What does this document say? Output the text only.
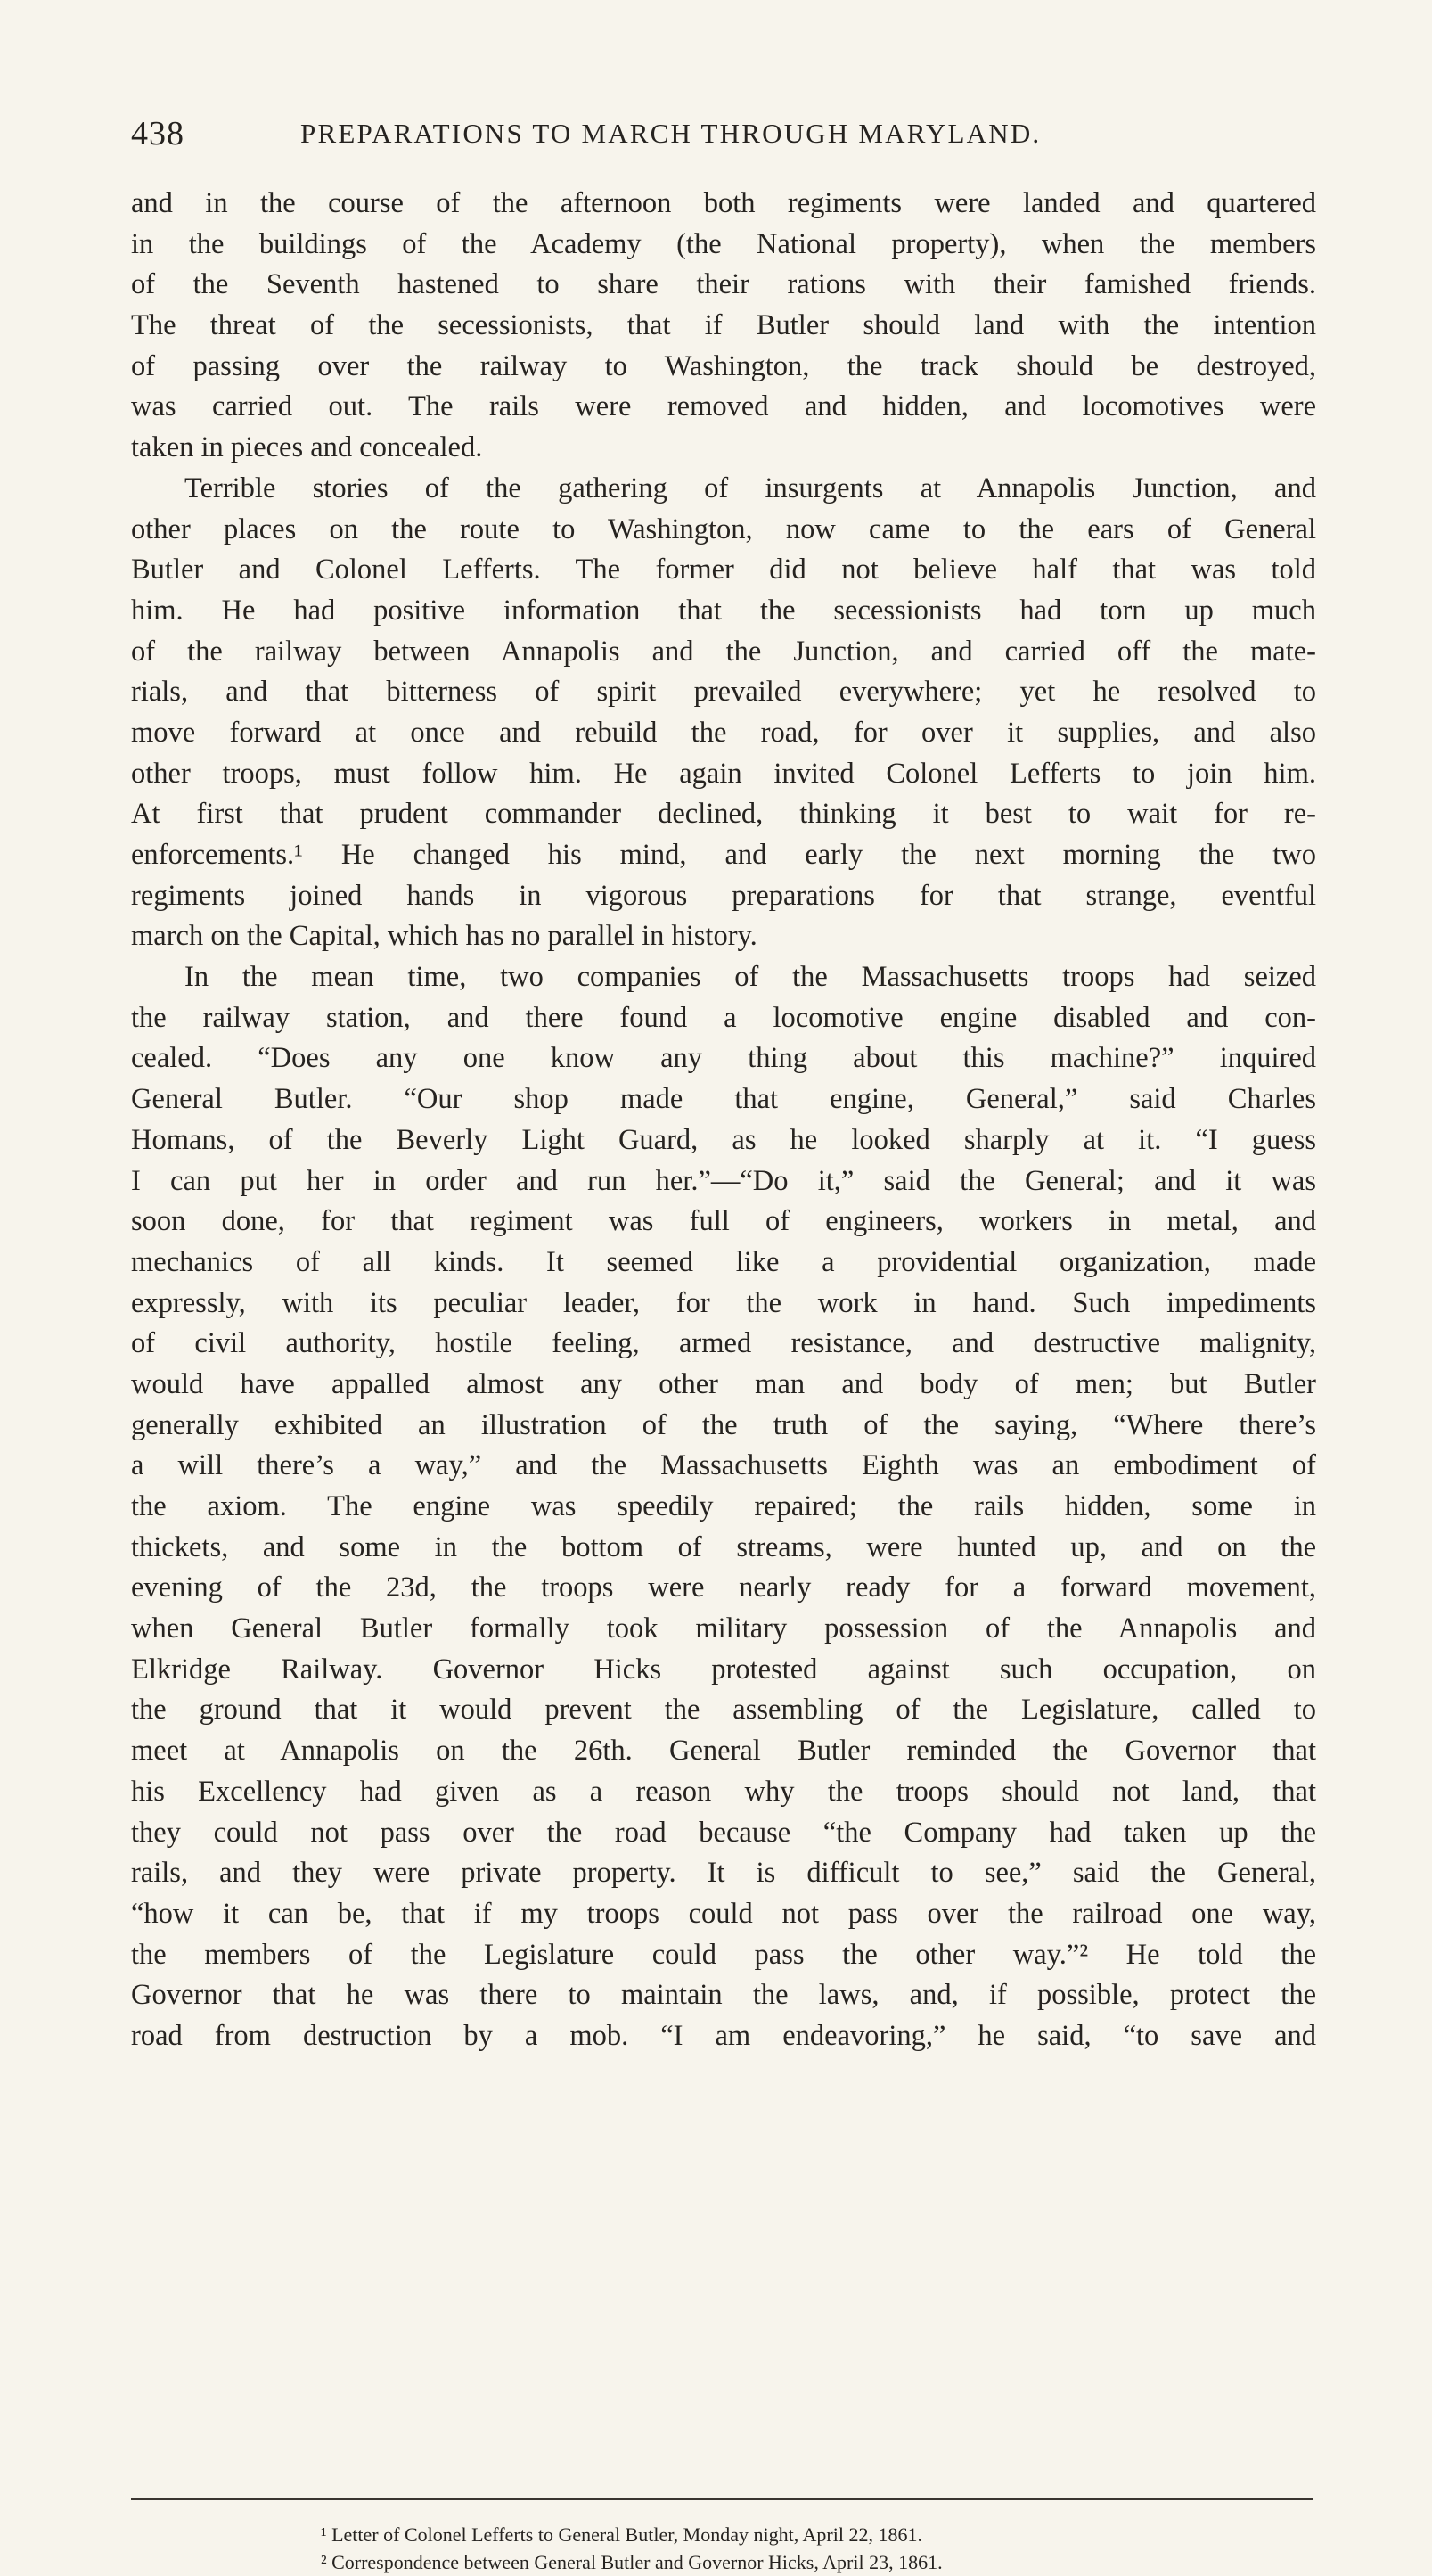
438	PREPARATIONS TO MARCH THROUGH MARYLAND.
and in the course of the afternoon both regiments were landed and quartered
in the buildings of the Academy (the National property), when the members
of the Seventh hastened to share their rations with their famished friends.
The threat of the secessionists, that if Butler should land with the intention
of passing over the railway to Washington, the track should be destroyed,
was carried out. The rails were removed and hidden, and locomotives were
taken in pieces and concealed.
Terrible stories of the gathering of insurgents at Annapolis Junction, and
other places on the route to Washington, now came to the ears of General
Butler and Colonel Lefferts. The former did not believe half that was told
him. He had positive information that the secessionists had torn up much
of the railway between Annapolis and the Junction, and carried off the mate-
rials, and that bitterness of spirit prevailed everywhere; yet he resolved to
move forward at once and rebuild the road, for over it supplies, and also
other troops, must follow him. He again invited Colonel Lefferts to join him.
At first that prudent commander declined, thinking it best to wait for re-
enforcements.¹ He changed his mind, and early the next morning the two
regiments joined hands in vigorous preparations for that strange, eventful
march on the Capital, which has no parallel in history.
In the mean time, two companies of the Massachusetts troops had seized
the railway station, and there found a locomotive engine disabled and con-
cealed. “Does any one know any thing about this machine?” inquired
General Butler. “Our shop made that engine, General,” said Charles
Homans, of the Beverly Light Guard, as he looked sharply at it. “I guess
I can put her in order and run her.”—“Do it,” said the General; and it was
soon done, for that regiment was full of engineers, workers in metal, and
mechanics of all kinds. It seemed like a providential organization, made
expressly, with its peculiar leader, for the work in hand. Such impediments
of civil authority, hostile feeling, armed resistance, and destructive malignity,
would have appalled almost any other man and body of men; but Butler
generally exhibited an illustration of the truth of the saying, “Where there’s
a will there’s a way,” and the Massachusetts Eighth was an embodiment of
the axiom. The engine was speedily repaired; the rails hidden, some in
thickets, and some in the bottom of streams, were hunted up, and on the
evening of the 23d, the troops were nearly ready for a forward movement,
when General Butler formally took military possession of the Annapolis and
Elkridge Railway. Governor Hicks protested against such occupation, on
the ground that it would prevent the assembling of the Legislature, called to
meet at Annapolis on the 26th. General Butler reminded the Governor that
his Excellency had given as a reason why the troops should not land, that
they could not pass over the road because “the Company had taken up the
rails, and they were private property. It is difficult to see,” said the General,
“how it can be, that if my troops could not pass over the railroad one way,
the members of the Legislature could pass the other way.”² He told the
Governor that he was there to maintain the laws, and, if possible, protect the
road from destruction by a mob. “I am endeavoring,” he said, “to save and
¹ Letter of Colonel Lefferts to General Butler, Monday night, April 22, 1861.
² Correspondence between General Butler and Governor Hicks, April 23, 1861.
